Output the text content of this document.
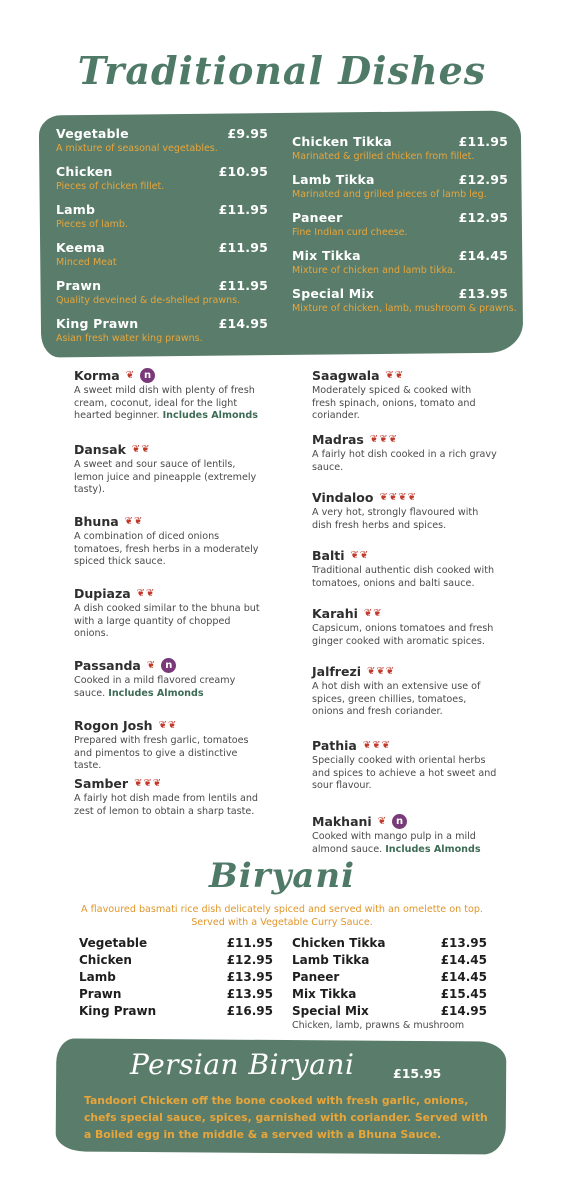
Traditional Dishes
Vegetable	£9.95
A mixture of seasonal vegetables.
Chicken	£10.95
Pieces of chicken fillet.
Lamb	£11.95
Pieces of lamb.
Keema	£11.95
Minced Meat
Prawn	£11.95
Quality deveined & de-shelled prawns.
King Prawn	£14.95
Asian fresh water king prawns.
Chicken Tikka	£11.95
Marinated & grilled chicken from fillet.
Lamb Tikka	£12.95
Marinated and grilled pieces of lamb leg.
Paneer	£12.95
Fine Indian curd cheese.
Mix Tikka	£14.45
Mixture of chicken and lamb tikka.
Special Mix	£13.95
Mixture of chicken, lamb, mushroom & prawns.
Korma ❦ n
A sweet mild dish with plenty of fresh cream, coconut, ideal for the light hearted beginner. Includes Almonds
Dansak ❦❦
A sweet and sour sauce of lentils, lemon juice and pineapple (extremely tasty).
Bhuna ❦❦
A combination of diced onions tomatoes, fresh herbs in a moderately spiced thick sauce.
Dupiaza ❦❦
A dish cooked similar to the bhuna but with a large quantity of chopped onions.
Passanda ❦ n
Cooked in a mild flavored creamy sauce. Includes Almonds
Rogon Josh ❦❦
Prepared with fresh garlic, tomatoes and pimentos to give a distinctive taste.
Samber ❦❦❦
A fairly hot dish made from lentils and zest of lemon to obtain a sharp taste.
Saagwala ❦❦
Moderately spiced & cooked with fresh spinach, onions, tomato and coriander.
Madras ❦❦❦
A fairly hot dish cooked in a rich gravy sauce.
Vindaloo ❦❦❦❦
A very hot, strongly flavoured with dish fresh herbs and spices.
Balti ❦❦
Traditional authentic dish cooked with tomatoes, onions and balti sauce.
Karahi ❦❦
Capsicum, onions tomatoes and fresh ginger cooked with aromatic spices.
Jalfrezi ❦❦❦
A hot dish with an extensive use of spices, green chillies, tomatoes, onions and fresh coriander.
Pathia ❦❦❦
Specially cooked with oriental herbs and spices to achieve a hot sweet and sour flavour.
Makhani ❦ n
Cooked with mango pulp in a mild almond sauce. Includes Almonds
Biryani
A flavoured basmati rice dish delicately spiced and served with an omelette on top.
Served with a Vegetable Curry Sauce.
Vegetable	£11.95
Chicken	£12.95
Lamb	£13.95
Prawn	£13.95
King Prawn	£16.95
Chicken Tikka	£13.95
Lamb Tikka	£14.45
Paneer	£14.45
Mix Tikka	£15.45
Special Mix	£14.95
Chicken, lamb, prawns & mushroom
Persian Biryani	£15.95
Tandoori Chicken off the bone cooked with fresh garlic, onions, chefs special sauce, spices, garnished with coriander. Served with a Boiled egg in the middle & a served with a Bhuna Sauce.
